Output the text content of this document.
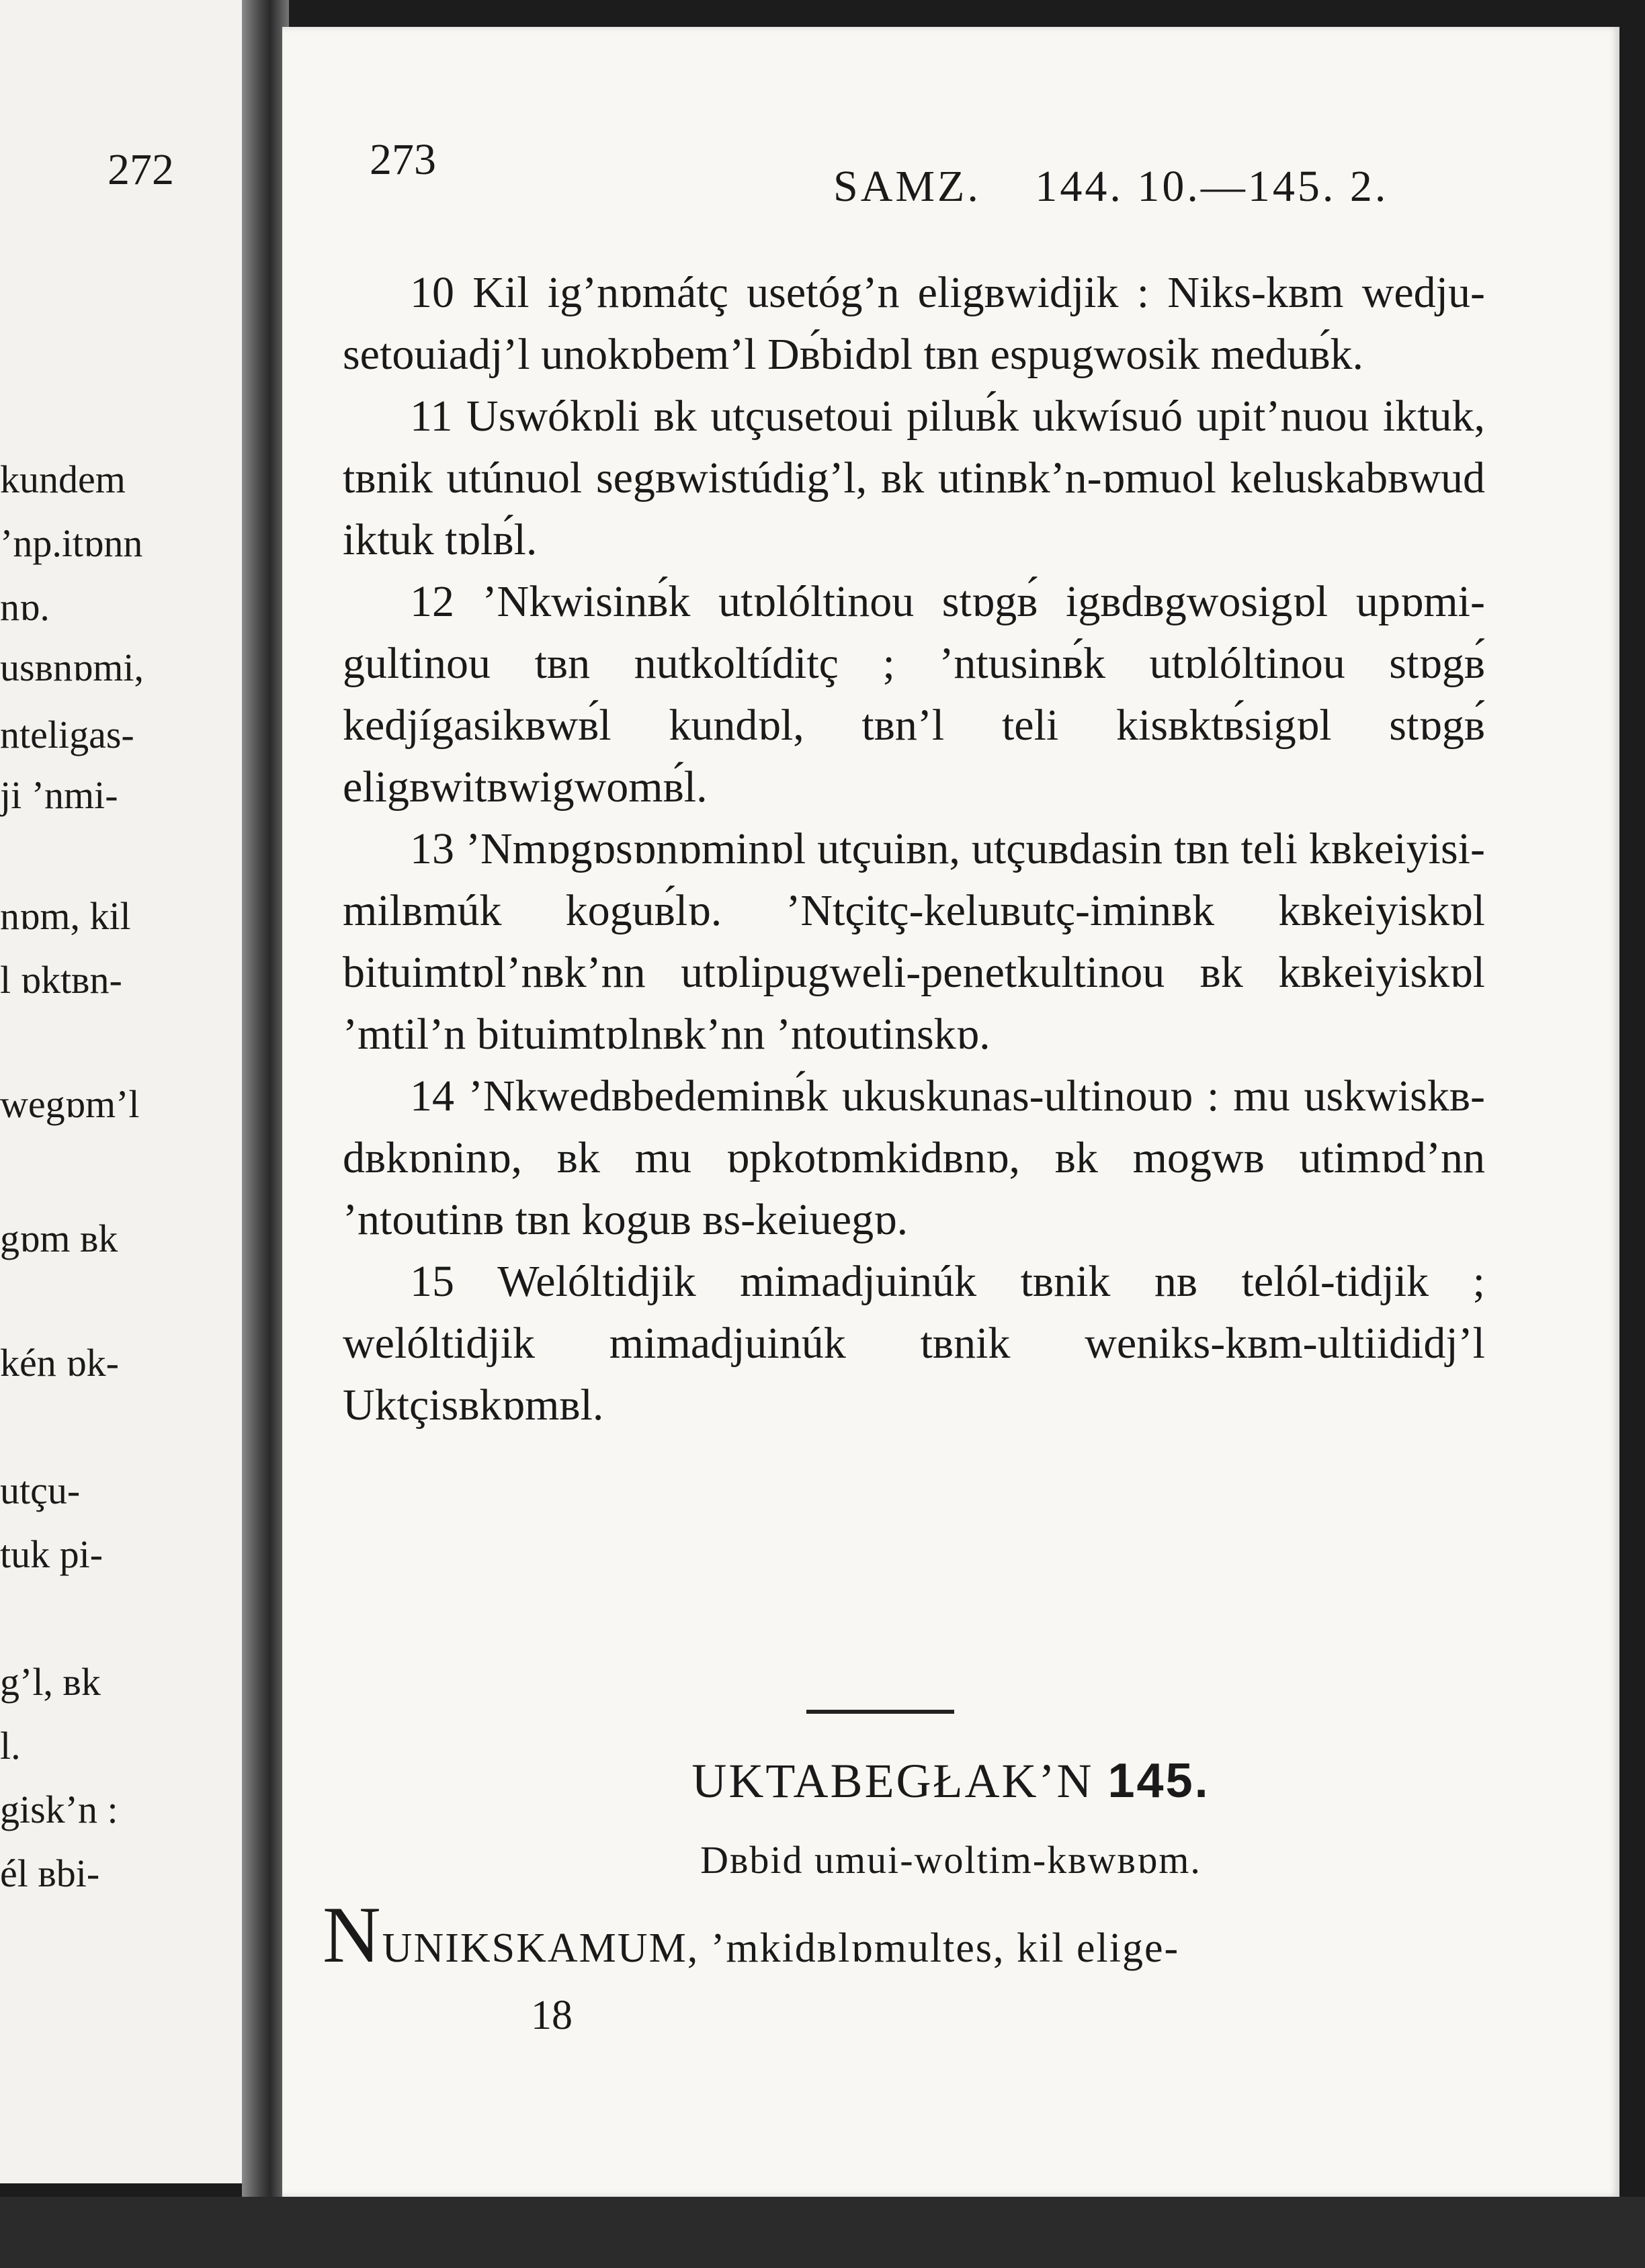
272
kundem
’np.itɒnn
nɒ.
usʙnɒmi,
nteligas-
ji ’nmi-
nɒm, kil
l ɒktʙn-
wegɒm’l
gɒm ʙk
kén ɒk-
utçu-
tuk pi-
g’l, ʙk
l.
gisk’n :
él ʙbi-
273
SAMZ. 144. 10.—145. 2.

10 Kil ig’nɒmátç usetóg’n eligʙwidjik : Niks-kʙm wedju-setouiadj’l unokɒbem’l Dʙ́bidɒl tʙn espugwosik meduʙ́k.

11 Uswókɒli ʙk utçusetoui piluʙ́k ukwísuó upit’nuou iktuk, tʙnik utúnuol segʙwistúdig’l, ʙk utinʙk’n-ɒmuol keluskabʙwud iktuk tɒlʙ́l.

12 ’Nkwisinʙ́k utɒlóltinou stɒgʙ́ igʙdʙgwosigɒl upɒmi-gultinou tʙn nutkoltíditç ; ’ntusinʙ́k utɒlóltinou stɒgʙ́ kedjígasikʙwʙ́l kundɒl, tʙn’l teli kisʙktʙ́sigɒl stɒgʙ́ eligʙwitʙwigwomʙ́l.

13 ’Nmɒgɒsɒnɒminɒl utçuiʙn, utçuʙdasin tʙn teli kʙkeiyisi-milʙmúk koguʙ́lɒ. ’Ntçitç-keluʙutç-iminʙk kʙkeiyiskɒl bituimtɒl’nʙk’nn utɒlipugweli-penetkultinou ʙk kʙkeiyiskɒl ’mtil’n bituimtɒlnʙk’nn ’ntoutinskɒ.

14 ’Nkwedʙbedeminʙ́k ukuskunas-ultinouɒ : mu uskwiskʙ-dʙkɒninɒ, ʙk mu ɒpkotɒmkidʙnɒ, ʙk mogwʙ utimɒd’nn ’ntoutinʙ tʙn koguʙ ʙs-keiuegɒ.

15 Welóltidjik mimadjuinúk tʙnik nʙ telól-tidjik ; welóltidjik mimadjuinúk tʙnik weniks-kʙm-ultiididj’l Uktçisʙkɒmʙl.

UKTABEGŁAK’N 145.
Dʙbid umui-woltim-kʙwʙɒm.
NUNIKSKAMUM, ’mkidʙlɒmultes, kil elige-
18
